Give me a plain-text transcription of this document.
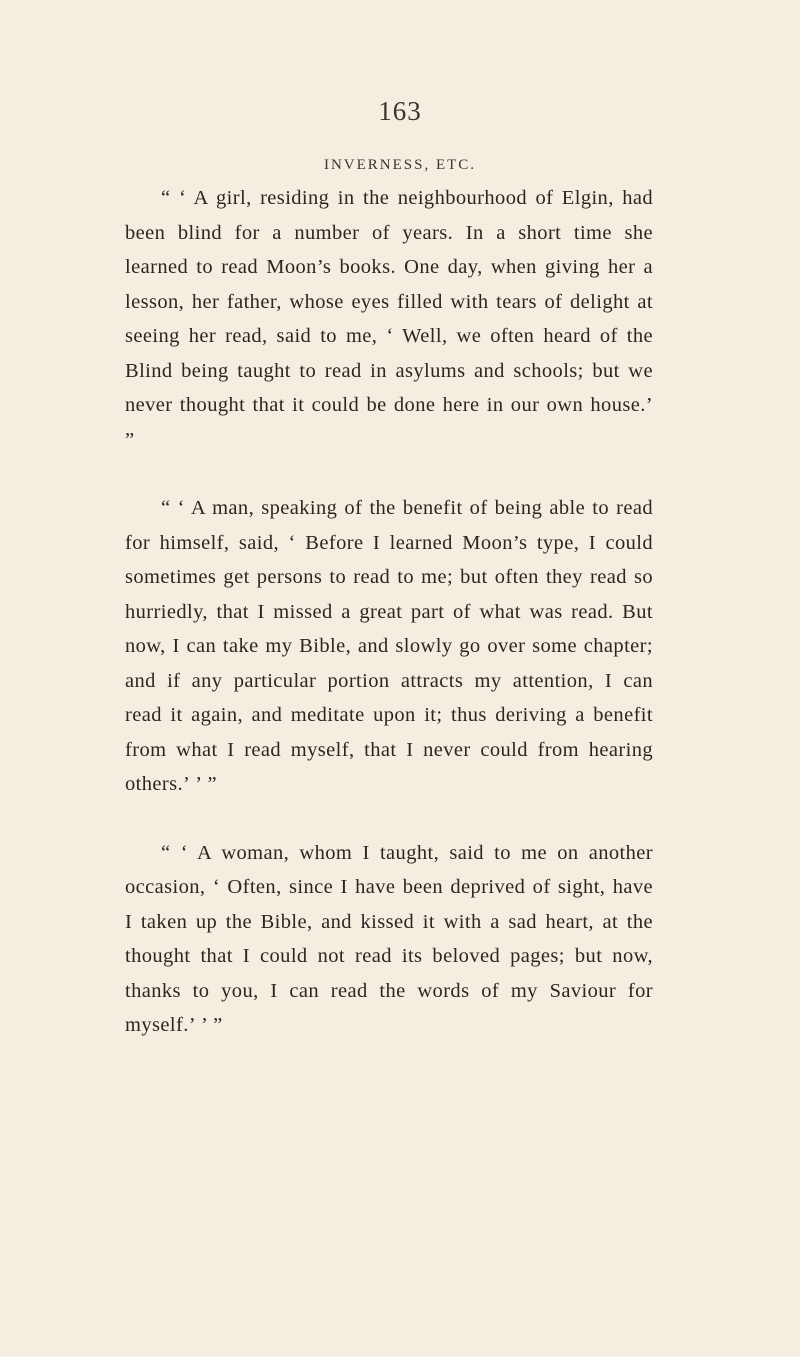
163
INVERNESS, ETC.

“ ‘ A girl, residing in the neighbourhood of Elgin, had been blind for a number of years. In a short time she learned to read Moon’s books. One day, when giving her a lesson, her father, whose eyes filled with tears of delight at seeing her read, said to me, ‘ Well, we often heard of the Blind being taught to read in asylums and schools; but we never thought that it could be done here in our own house.’ ”

“ ‘ A man, speaking of the benefit of being able to read for himself, said, ‘ Before I learned Moon’s type, I could sometimes get persons to read to me; but often they read so hurriedly, that I missed a great part of what was read. But now, I can take my Bible, and slowly go over some chapter; and if any particular portion attracts my attention, I can read it again, and meditate upon it; thus deriving a benefit from what I read myself, that I never could from hearing others.’ ’ ”

“ ‘ A woman, whom I taught, said to me on another occasion, ‘ Often, since I have been deprived of sight, have I taken up the Bible, and kissed it with a sad heart, at the thought that I could not read its beloved pages; but now, thanks to you, I can read the words of my Saviour for myself.’ ’ ”
